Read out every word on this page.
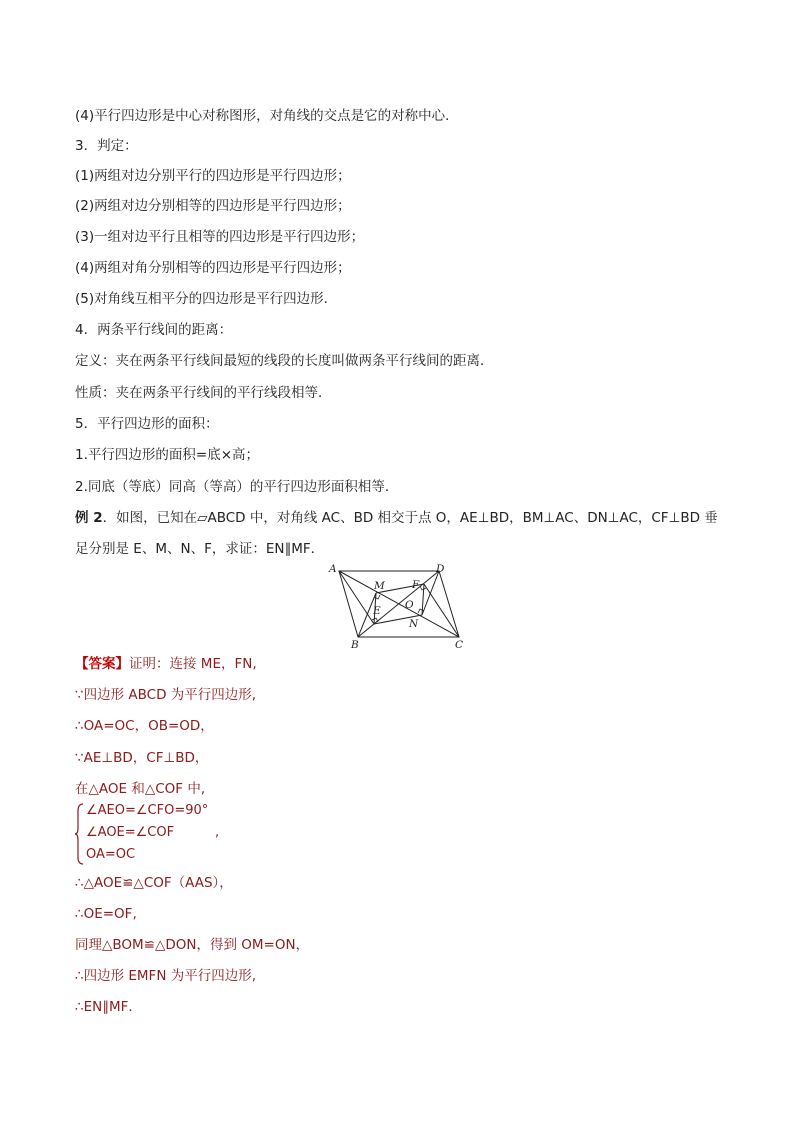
(4)平行四边形是中心对称图形，对角线的交点是它的对称中心．
3．判定：
(1)两组对边分别平行的四边形是平行四边形；
(2)两组对边分别相等的四边形是平行四边形；
(3)一组对边平行且相等的四边形是平行四边形；
(4)两组对角分别相等的四边形是平行四边形；
(5)对角线互相平分的四边形是平行四边形．
4．两条平行线间的距离：
定义：夹在两条平行线间最短的线段的长度叫做两条平行线间的距离．
性质：夹在两条平行线间的平行线段相等．
5．平行四边形的面积：
1.平行四边形的面积=底×高；
2.同底（等底）同高（等高）的平行四边形面积相等．
例 2．如图，已知在▱ABCD 中，对角线 AC、BD 相交于点 O，AE⊥BD，BM⊥AC、DN⊥AC，CF⊥BD 垂
足分别是 E、M、N、F，求证：EN∥MF．
A	D
B	C
M	F
O
E
N
【答案】证明：连接 ME，FN,
∵四边形 ABCD 为平行四边形,
∴OA=OC，OB=OD，
∵AE⊥BD，CF⊥BD，
在△AOE 和△COF 中,
∠AEO=∠CFO=90°
∠AOE=∠COF
OA=OC
,
∴△AOE≌△COF（AAS），
∴OE=OF,
同理△BOM≌△DON，得到 OM=ON，
∴四边形 EMFN 为平行四边形,
∴EN∥MF．
